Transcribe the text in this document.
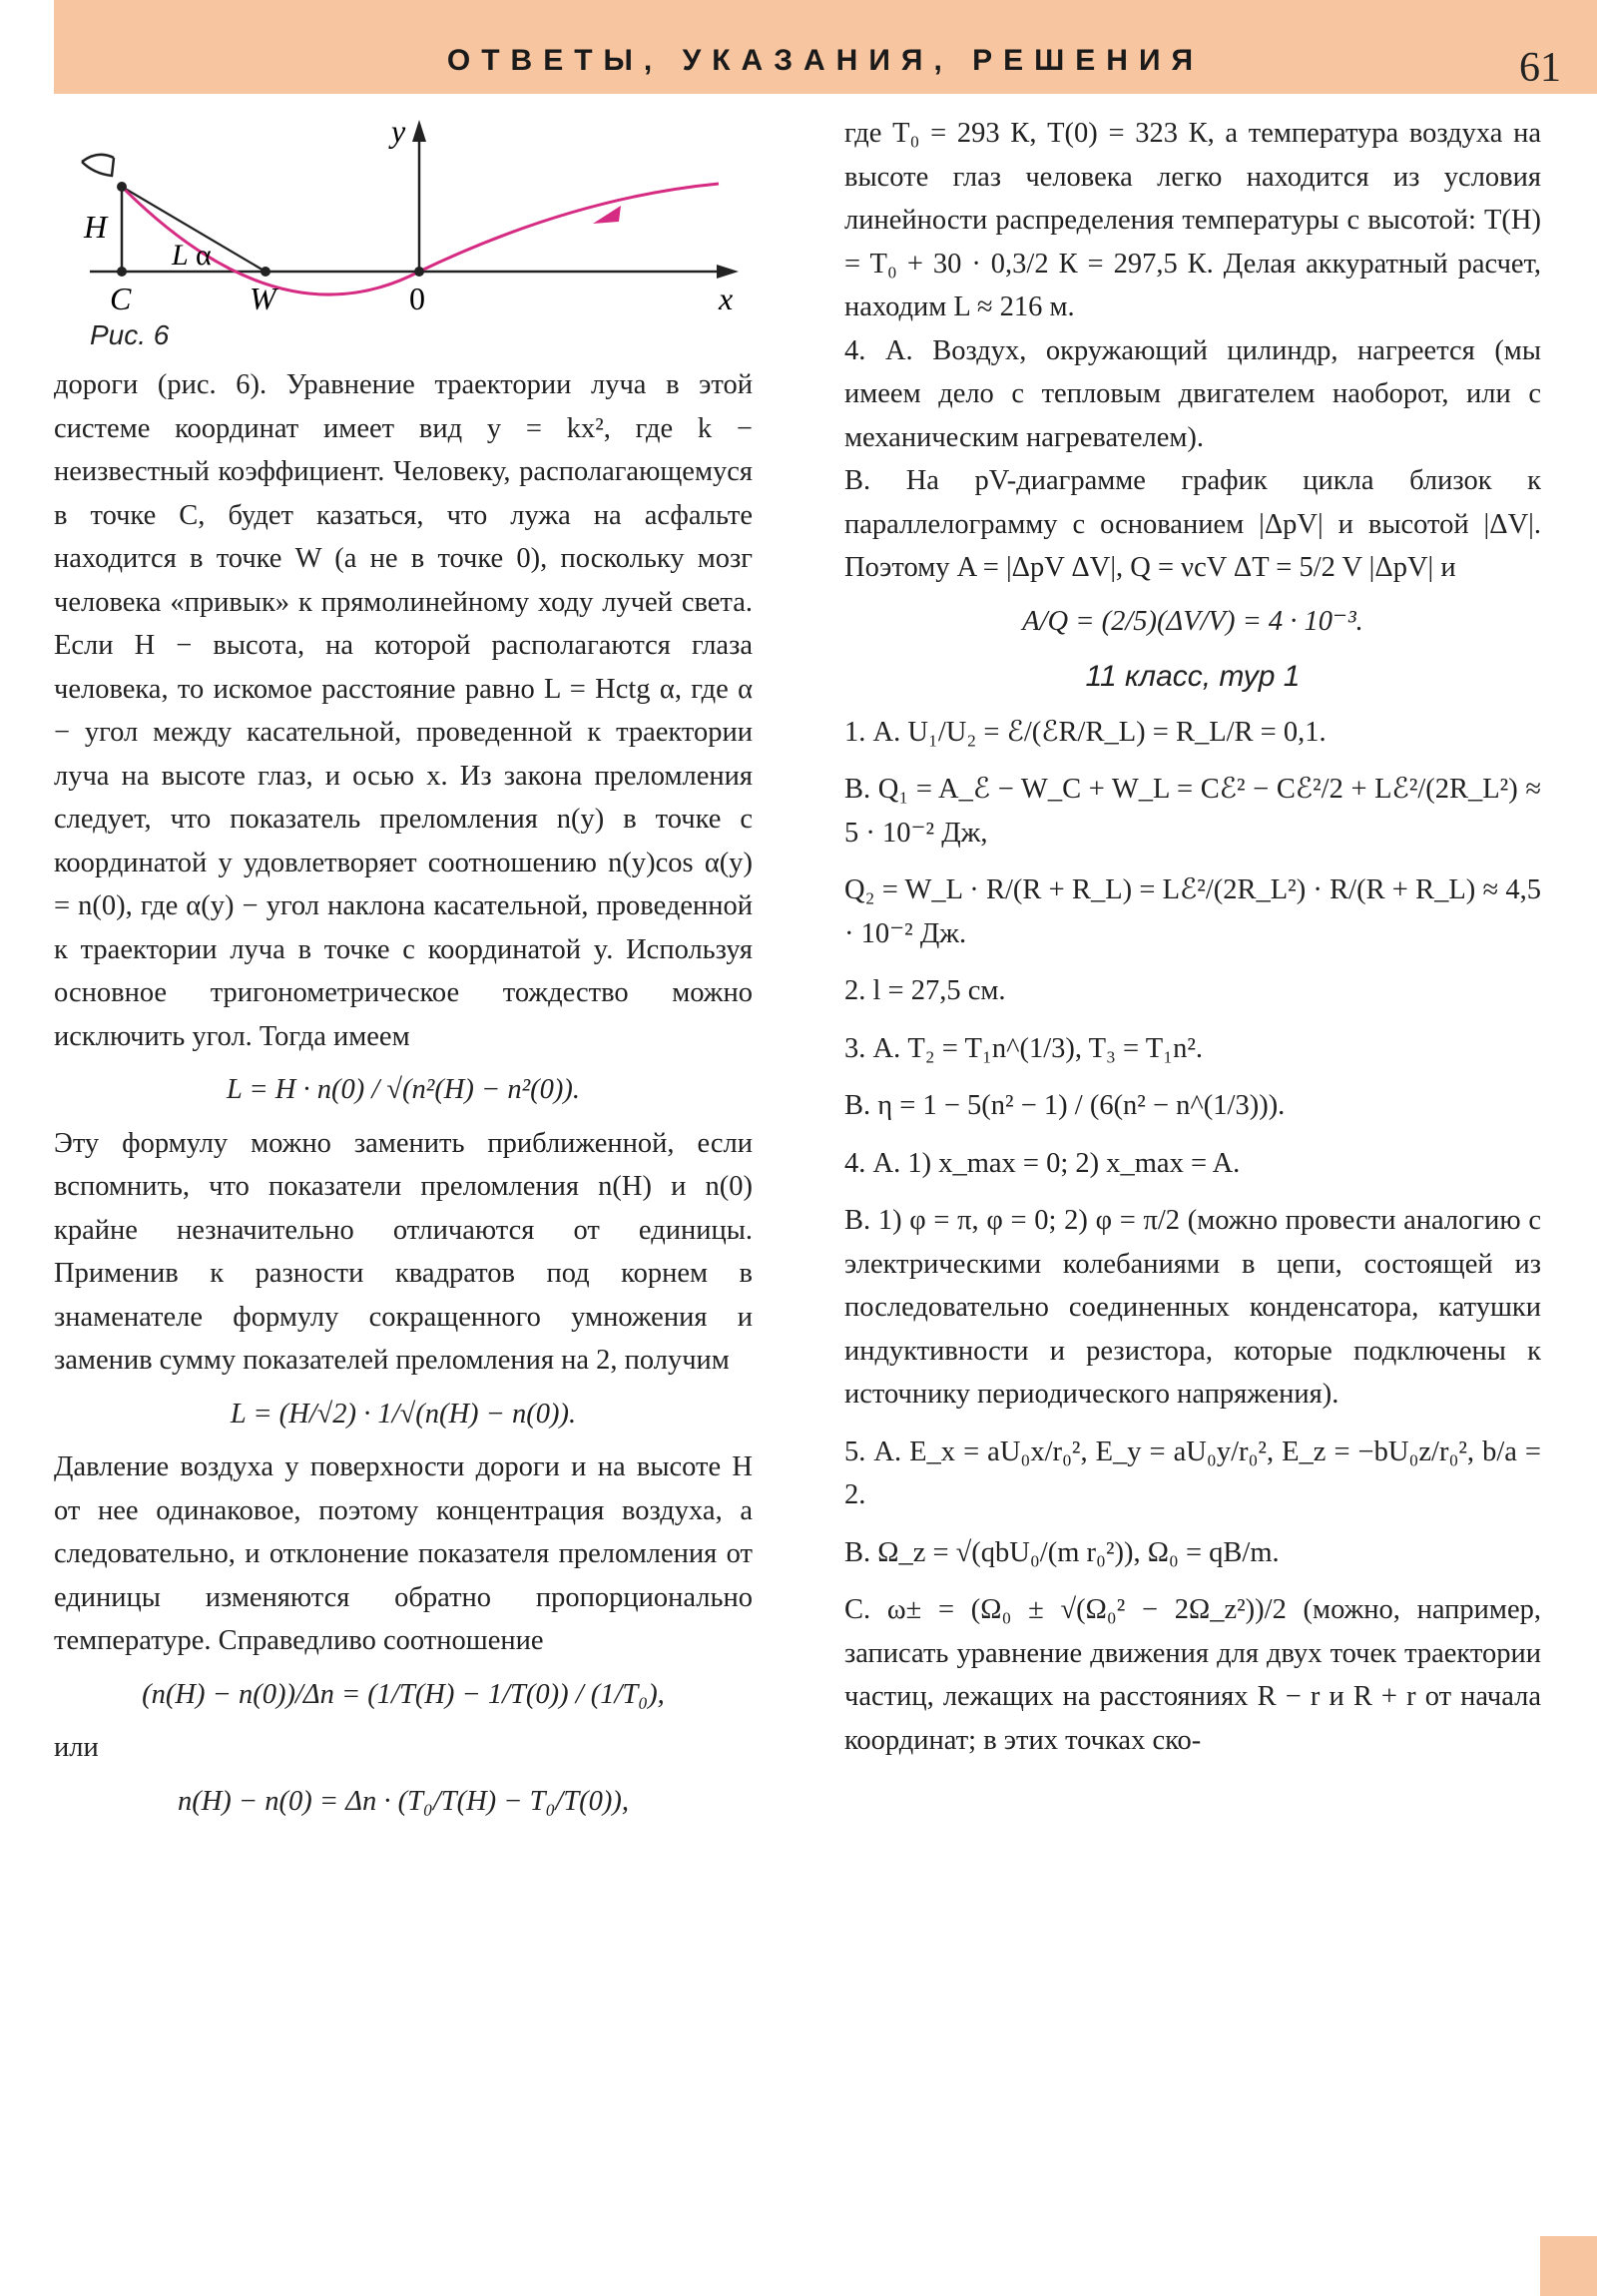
ОТВЕТЫ, УКАЗАНИЯ, РЕШЕНИЯ	61
y
x
H
C	W	0
L α
Рис. 6

дороги (рис. 6). Уравнение траектории луча в этой системе координат имеет вид y = kx², где k − неизвестный коэффициент. Человеку, располагающемуся в точке C, будет казаться, что лужа на асфальте находится в точке W (а не в точке 0), поскольку мозг человека «привык» к прямолинейному ходу лучей света. Если H − высота, на которой располагаются глаза человека, то искомое расстояние равно L = Hctg α, где α − угол между касательной, проведенной к траектории луча на высоте глаз, и осью x. Из закона преломления следует, что показатель преломления n(y) в точке с координатой y удовлетворяет соотношению n(y)cos α(y) = n(0), где α(y) − угол наклона касательной, проведенной к траектории луча в точке с координатой y. Используя основное тригонометрическое тождество можно исключить угол. Тогда имеем

L = H · n(0) / √(n²(H) − n²(0)).

Эту формулу можно заменить приближенной, если вспомнить, что показатели преломления n(H) и n(0) крайне незначительно отличаются от единицы. Применив к разности квадратов под корнем в знаменателе формулу сокращенного умножения и заменив сумму показателей преломления на 2, получим

L = (H/√2) · 1/√(n(H) − n(0)).

Давление воздуха у поверхности дороги и на высоте H от нее одинаковое, поэтому концентрация воздуха, а следовательно, и отклонение показателя преломления от единицы изменяются обратно пропорционально температуре. Справедливо соотношение

(n(H) − n(0))/Δn = (1/T(H) − 1/T(0)) / (1/T₀),

или

n(H) − n(0) = Δn · (T₀/T(H) − T₀/T(0)),

где T₀ = 293 К, T(0) = 323 К, а температура воздуха на высоте глаз человека легко находится из условия линейности распределения температуры с высотой: T(H) = T₀ + 30 · 0,3/2 К = 297,5 К. Делая аккуратный расчет, находим L ≈ 216 м.

4. А. Воздух, окружающий цилиндр, нагреется (мы имеем дело с тепловым двигателем наоборот, или с механическим нагревателем).

В. На pV-диаграмме график цикла близок к параллелограмму с основанием |ΔpV| и высотой |ΔV|. Поэтому A = |ΔpV ΔV|, Q = νcV ΔT = 5/2 V |ΔpV| и

A/Q = (2/5)(ΔV/V) = 4 · 10⁻³.
11 класс, тур 1

1. А. U₁/U₂ = ℰ/(ℰR/R_L) = R_L/R = 0,1.

В. Q₁ = A_ℰ − W_C + W_L = Cℰ² − Cℰ²/2 + Lℰ²/(2R_L²) ≈ 5 · 10⁻² Дж,

Q₂ = W_L · R/(R + R_L) = Lℰ²/(2R_L²) · R/(R + R_L) ≈ 4,5 · 10⁻² Дж.

2. l = 27,5 см.

3. А. T₂ = T₁n^(1/3), T₃ = T₁n².

В. η = 1 − 5(n² − 1) / (6(n² − n^(1/3))).

4. А. 1) x_max = 0; 2) x_max = A.

В. 1) φ = π, φ = 0; 2) φ = π/2 (можно провести аналогию с электрическими колебаниями в цепи, состоящей из последовательно соединенных конденсатора, катушки индуктивности и резистора, которые подключены к источнику периодического напряжения).

5. А. E_x = aU₀x/r₀², E_y = aU₀y/r₀², E_z = −bU₀z/r₀², b/a = 2.

В. Ω_z = √(qbU₀/(m r₀²)), Ω₀ = qB/m.

С. ω± = (Ω₀ ± √(Ω₀² − 2Ω_z²))/2 (можно, например, записать уравнение движения для двух точек траектории частиц, лежащих на расстояниях R − r и R + r от начала координат; в этих точках ско-
